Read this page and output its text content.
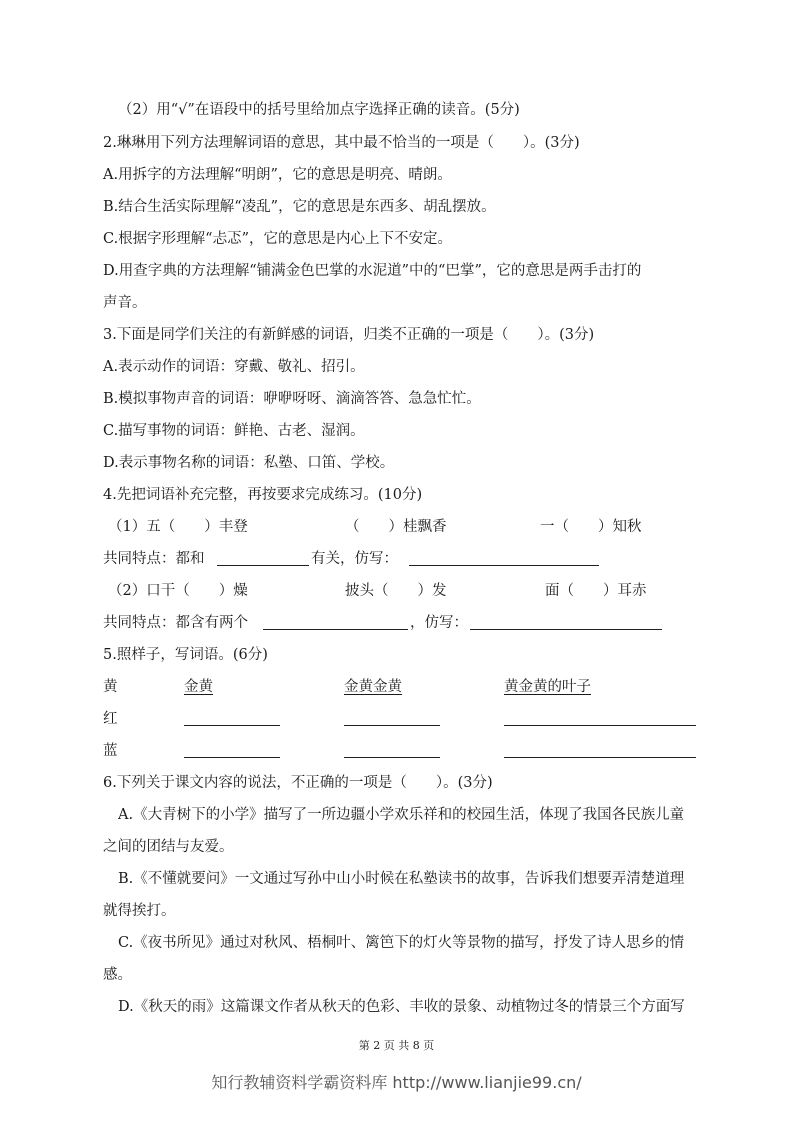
（2）用“√”在语段中的括号里给加点字选择正确的读音。(5分)
2.琳琳用下列方法理解词语的意思，其中最不恰当的一项是（　　）。(3分)
A.用拆字的方法理解“明朗”，它的意思是明亮、晴朗。
B.结合生活实际理解“凌乱”，它的意思是东西多、胡乱摆放。
C.根据字形理解“忐忑”，它的意思是内心上下不安定。
D.用查字典的方法理解“铺满金色巴掌的水泥道”中的“巴掌”，它的意思是两手击打的
声音。
3.下面是同学们关注的有新鲜感的词语，归类不正确的一项是（　　）。(3分)
A.表示动作的词语：穿戴、敬礼、招引。
B.模拟事物声音的词语：咿咿呀呀、滴滴答答、急急忙忙。
C.描写事物的词语：鲜艳、古老、湿润。
D.表示事物名称的词语：私塾、口笛、学校。
4.先把词语补充完整，再按要求完成练习。(10分)
（1）五（　　）丰登	（　　）桂飘香	一（　　）知秋
共同特点：都和	有关，仿写：
（2）口干（　　）燥	披头（　　）发	面（　　）耳赤
共同特点：都含有两个	，仿写：
5.照样子，写词语。(6分)
黄	金黄	金黄金黄	黄金黄的叶子
红
蓝
6.下列关于课文内容的说法，不正确的一项是（　　）。(3分)
A.《大青树下的小学》描写了一所边疆小学欢乐祥和的校园生活，体现了我国各民族儿童
之间的团结与友爱。
B.《不懂就要问》一文通过写孙中山小时候在私塾读书的故事，告诉我们想要弄清楚道理
就得挨打。
C.《夜书所见》通过对秋风、梧桐叶、篱笆下的灯火等景物的描写，抒发了诗人思乡的情
感。
D.《秋天的雨》这篇课文作者从秋天的色彩、丰收的景象、动植物过冬的情景三个方面写
第 2 页 共 8 页
知行教辅资料学霸资料库 http://www.lianjie99.cn/
